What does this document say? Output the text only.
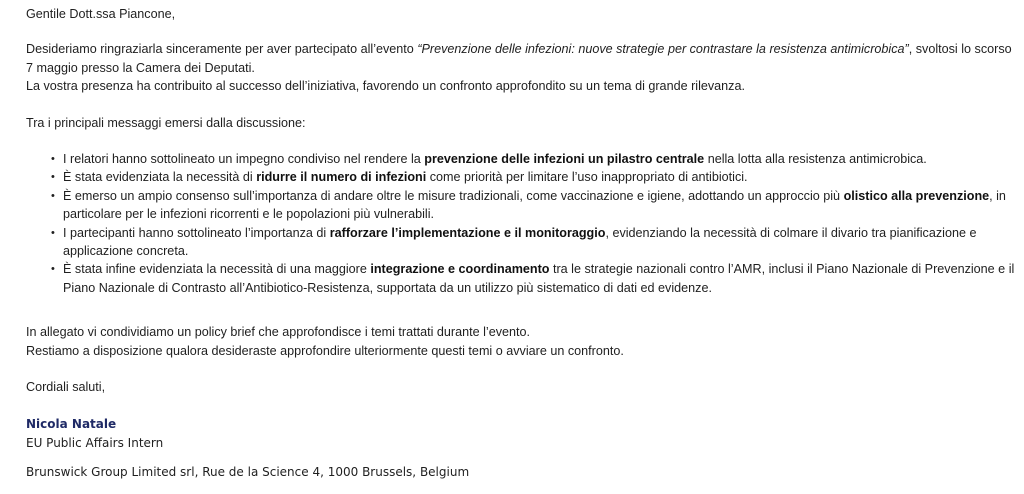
Gentile Dott.ssa Piancone,

Desideriamo ringraziarla sinceramente per aver partecipato all’evento “Prevenzione delle infezioni: nuove strategie per contrastare la resistenza antimicrobica”, svoltosi lo scorso 7 maggio presso la Camera dei Deputati.
La vostra presenza ha contribuito al successo dell’iniziativa, favorendo un confronto approfondito su un tema di grande rilevanza.

Tra i principali messaggi emersi dalla discussione:

• I relatori hanno sottolineato un impegno condiviso nel rendere la prevenzione delle infezioni un pilastro centrale nella lotta alla resistenza antimicrobica.
• È stata evidenziata la necessità di ridurre il numero di infezioni come priorità per limitare l’uso inappropriato di antibiotici.
• È emerso un ampio consenso sull’importanza di andare oltre le misure tradizionali, come vaccinazione e igiene, adottando un approccio più olistico alla prevenzione, in particolare per le infezioni ricorrenti e le popolazioni più vulnerabili.
• I partecipanti hanno sottolineato l’importanza di rafforzare l’implementazione e il monitoraggio, evidenziando la necessità di colmare il divario tra pianificazione e applicazione concreta.
• È stata infine evidenziata la necessità di una maggiore integrazione e coordinamento tra le strategie nazionali contro l’AMR, inclusi il Piano Nazionale di Prevenzione e il Piano Nazionale di Contrasto all’Antibiotico-Resistenza, supportata da un utilizzo più sistematico di dati ed evidenze.

In allegato vi condividiamo un policy brief che approfondisce i temi trattati durante l’evento.
Restiamo a disposizione qualora desideraste approfondire ulteriormente questi temi o avviare un confronto.

Cordiali saluti,

Nicola Natale
EU Public Affairs Intern
Brunswick Group Limited srl, Rue de la Science 4, 1000 Brussels, Belgium
